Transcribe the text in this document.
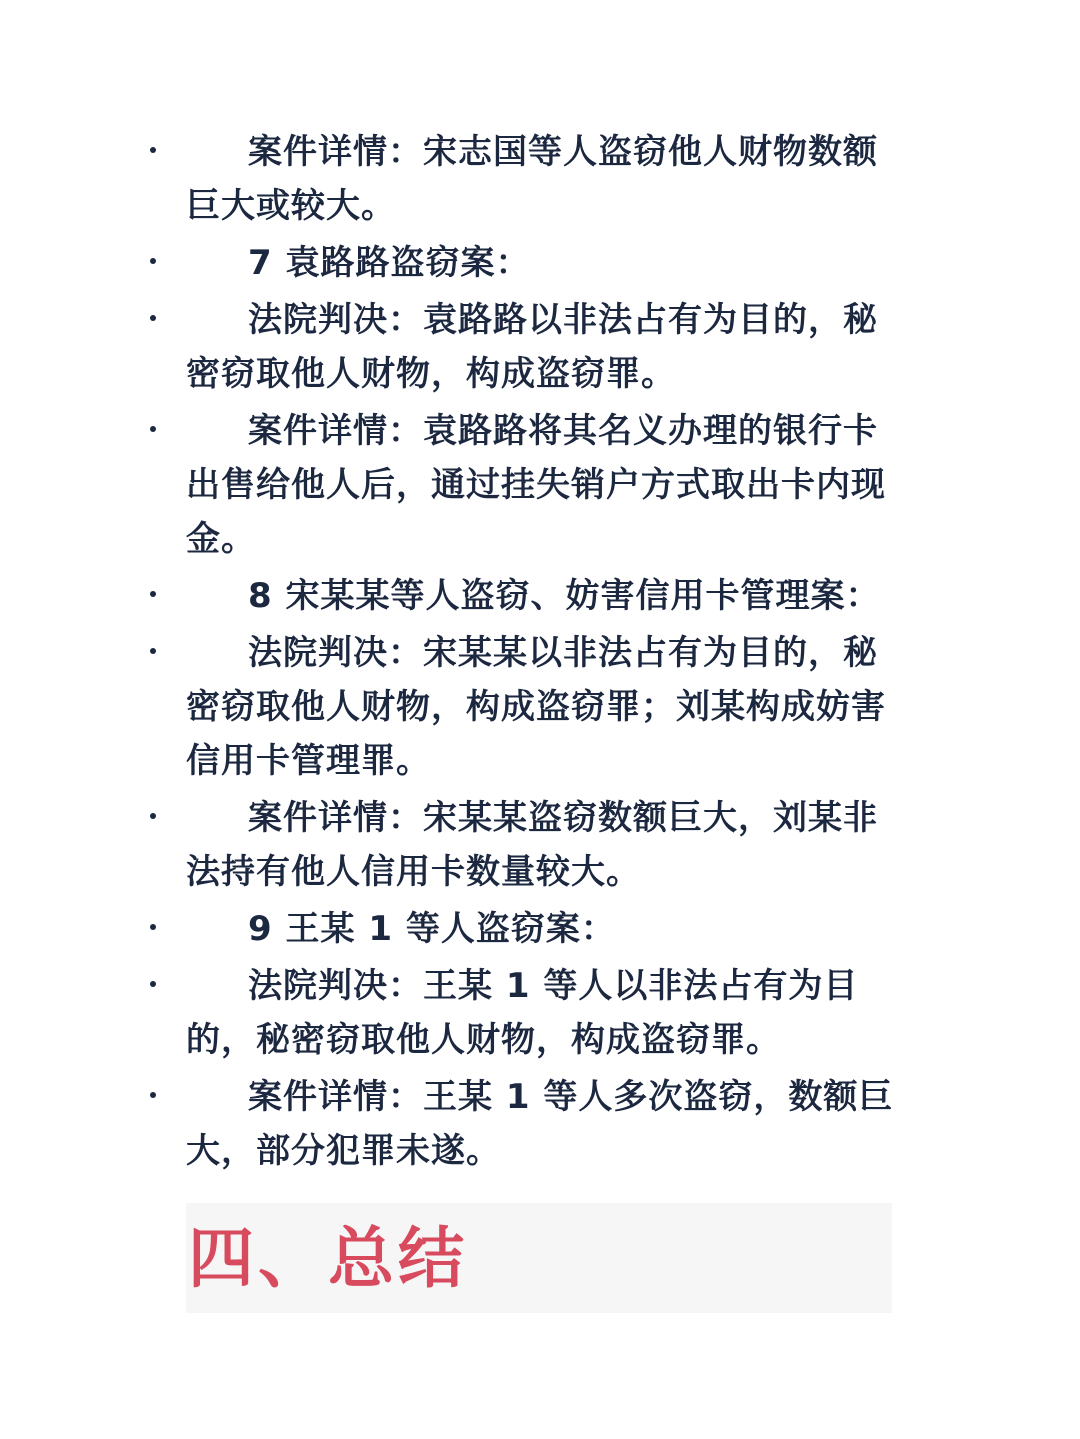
案件详情：宋志国等人盗窃他人财物数额巨大或较大。
7 袁路路盗窃案：
法院判决：袁路路以非法占有为目的，秘密窃取他人财物，构成盗窃罪。
案件详情：袁路路将其名义办理的银行卡出售给他人后，通过挂失销户方式取出卡内现金。
8 宋某某等人盗窃、妨害信用卡管理案：
法院判决：宋某某以非法占有为目的，秘密窃取他人财物，构成盗窃罪；刘某构成妨害信用卡管理罪。
案件详情：宋某某盗窃数额巨大，刘某非法持有他人信用卡数量较大。
9 王某 1 等人盗窃案：
法院判决：王某 1 等人以非法占有为目的，秘密窃取他人财物，构成盗窃罪。
案件详情：王某 1 等人多次盗窃，数额巨大，部分犯罪未遂。
四、总结
